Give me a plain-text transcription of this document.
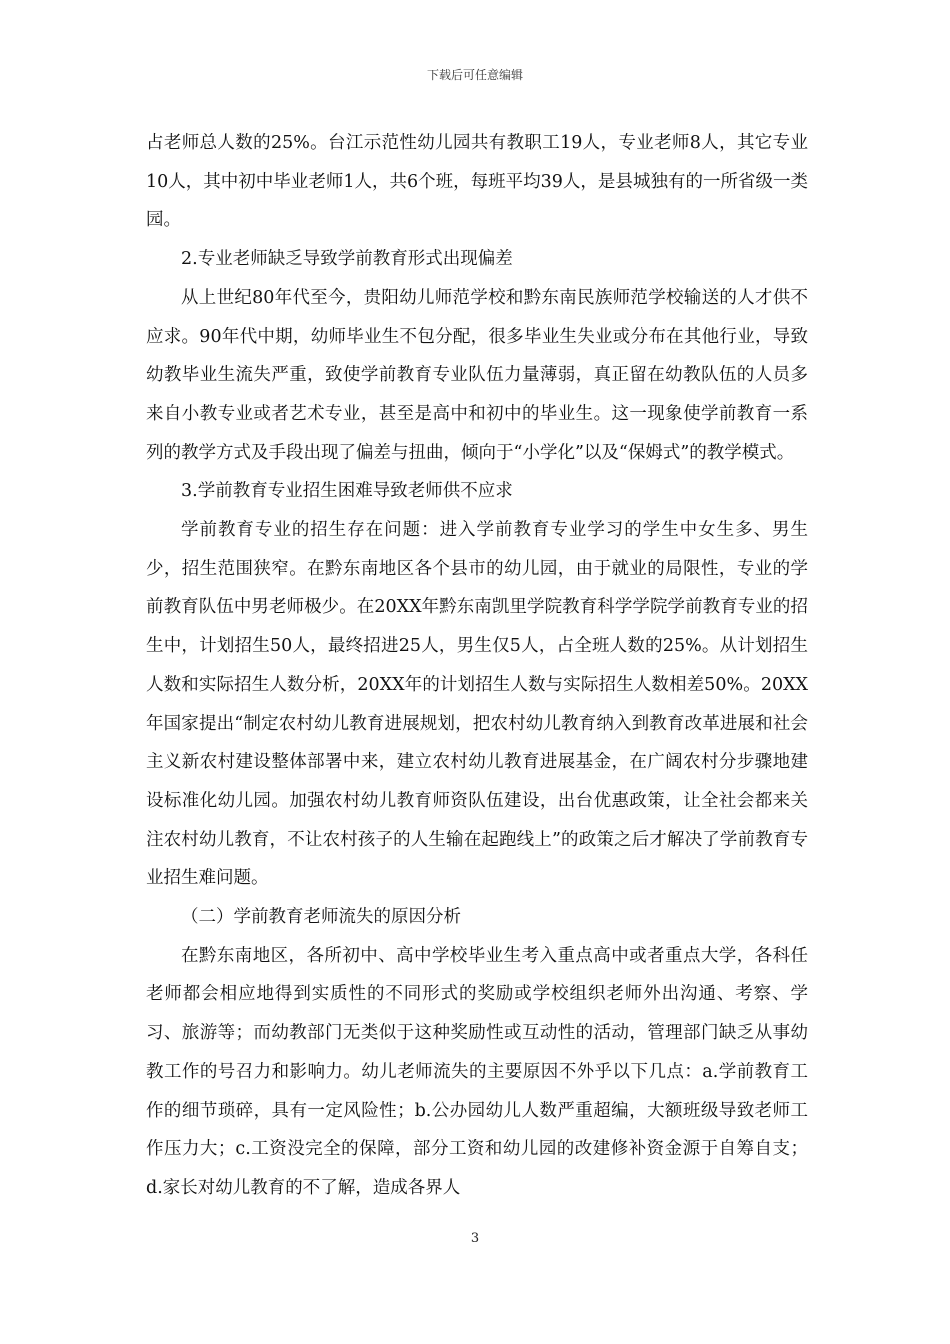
下载后可任意编辑

占老师总人数的25%。台江示范性幼儿园共有教职工19人，专业老师8人，其它专业10人，其中初中毕业老师1人，共6个班，每班平均39人，是县城独有的一所省级一类园。

2.专业老师缺乏导致学前教育形式出现偏差

从上世纪80年代至今，贵阳幼儿师范学校和黔东南民族师范学校输送的人才供不应求。90年代中期，幼师毕业生不包分配，很多毕业生失业或分布在其他行业，导致幼教毕业生流失严重，致使学前教育专业队伍力量薄弱，真正留在幼教队伍的人员多来自小教专业或者艺术专业，甚至是高中和初中的毕业生。这一现象使学前教育一系列的教学方式及手段出现了偏差与扭曲，倾向于“小学化”以及“保姆式”的教学模式。

3.学前教育专业招生困难导致老师供不应求

学前教育专业的招生存在问题：进入学前教育专业学习的学生中女生多、男生少，招生范围狭窄。在黔东南地区各个县市的幼儿园，由于就业的局限性，专业的学前教育队伍中男老师极少。在20XX年黔东南凯里学院教育科学学院学前教育专业的招生中，计划招生50人，最终招进25人，男生仅5人，占全班人数的25%。从计划招生人数和实际招生人数分析，20XX年的计划招生人数与实际招生人数相差50%。20XX年国家提出“制定农村幼儿教育进展规划，把农村幼儿教育纳入到教育改革进展和社会主义新农村建设整体部署中来，建立农村幼儿教育进展基金，在广阔农村分步骤地建设标准化幼儿园。加强农村幼儿教育师资队伍建设，出台优惠政策，让全社会都来关注农村幼儿教育，不让农村孩子的人生输在起跑线上”的政策之后才解决了学前教育专业招生难问题。

（二）学前教育老师流失的原因分析

在黔东南地区，各所初中、高中学校毕业生考入重点高中或者重点大学，各科任老师都会相应地得到实质性的不同形式的奖励或学校组织老师外出沟通、考察、学习、旅游等；而幼教部门无类似于这种奖励性或互动性的活动，管理部门缺乏从事幼教工作的号召力和影响力。幼儿老师流失的主要原因不外乎以下几点：a.学前教育工作的细节琐碎，具有一定风险性；b.公办园幼儿人数严重超编，大额班级导致老师工作压力大；c.工资没完全的保障，部分工资和幼儿园的改建修补资金源于自筹自支；d.家长对幼儿教育的不了解，造成各界人

3
